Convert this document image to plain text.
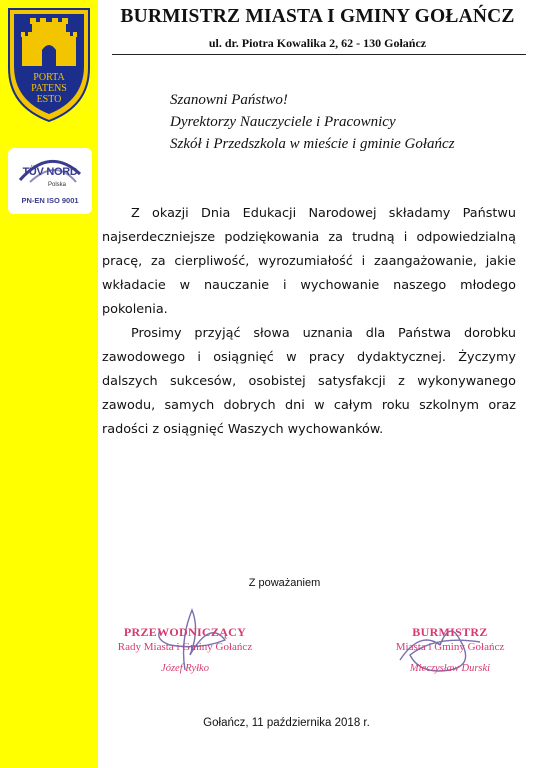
PORTA
PATENS
ESTO
TÜV NORD
Polska
PN-EN ISO 9001
BURMISTRZ MIASTA I GMINY GOŁAŃCZ
ul. dr. Piotra Kowalika 2, 62 - 130 Gołańcz
Szanowni Państwo!
Dyrektorzy Nauczyciele i Pracownicy
Szkół i Przedszkola w mieście i gminie Gołańcz

Z okazji Dnia Edukacji Narodowej składamy Państwu najserdeczniejsze podziękowania za trudną i odpowiedzialną pracę, za cierpliwość, wyrozumiałość i zaangażowanie, jakie wkładacie w nauczanie i wychowanie naszego młodego pokolenia.

Prosimy przyjąć słowa uznania dla Państwa dorobku zawodowego i osiągnięć w pracy dydaktycznej. Życzymy dalszych sukcesów, osobistej satysfakcji z wykonywanego zawodu, samych dobrych dni w całym roku szkolnym oraz radości z osiągnięć Waszych wychowanków.

Z poważaniem
PRZEWODNICZĄCY
Rady Miasta i Gminy Gołańcz
Józef Ryłko
BURMISTRZ
Miasta i Gminy Gołańcz
Mieczysław Durski
Gołańcz, 11 października 2018 r.
